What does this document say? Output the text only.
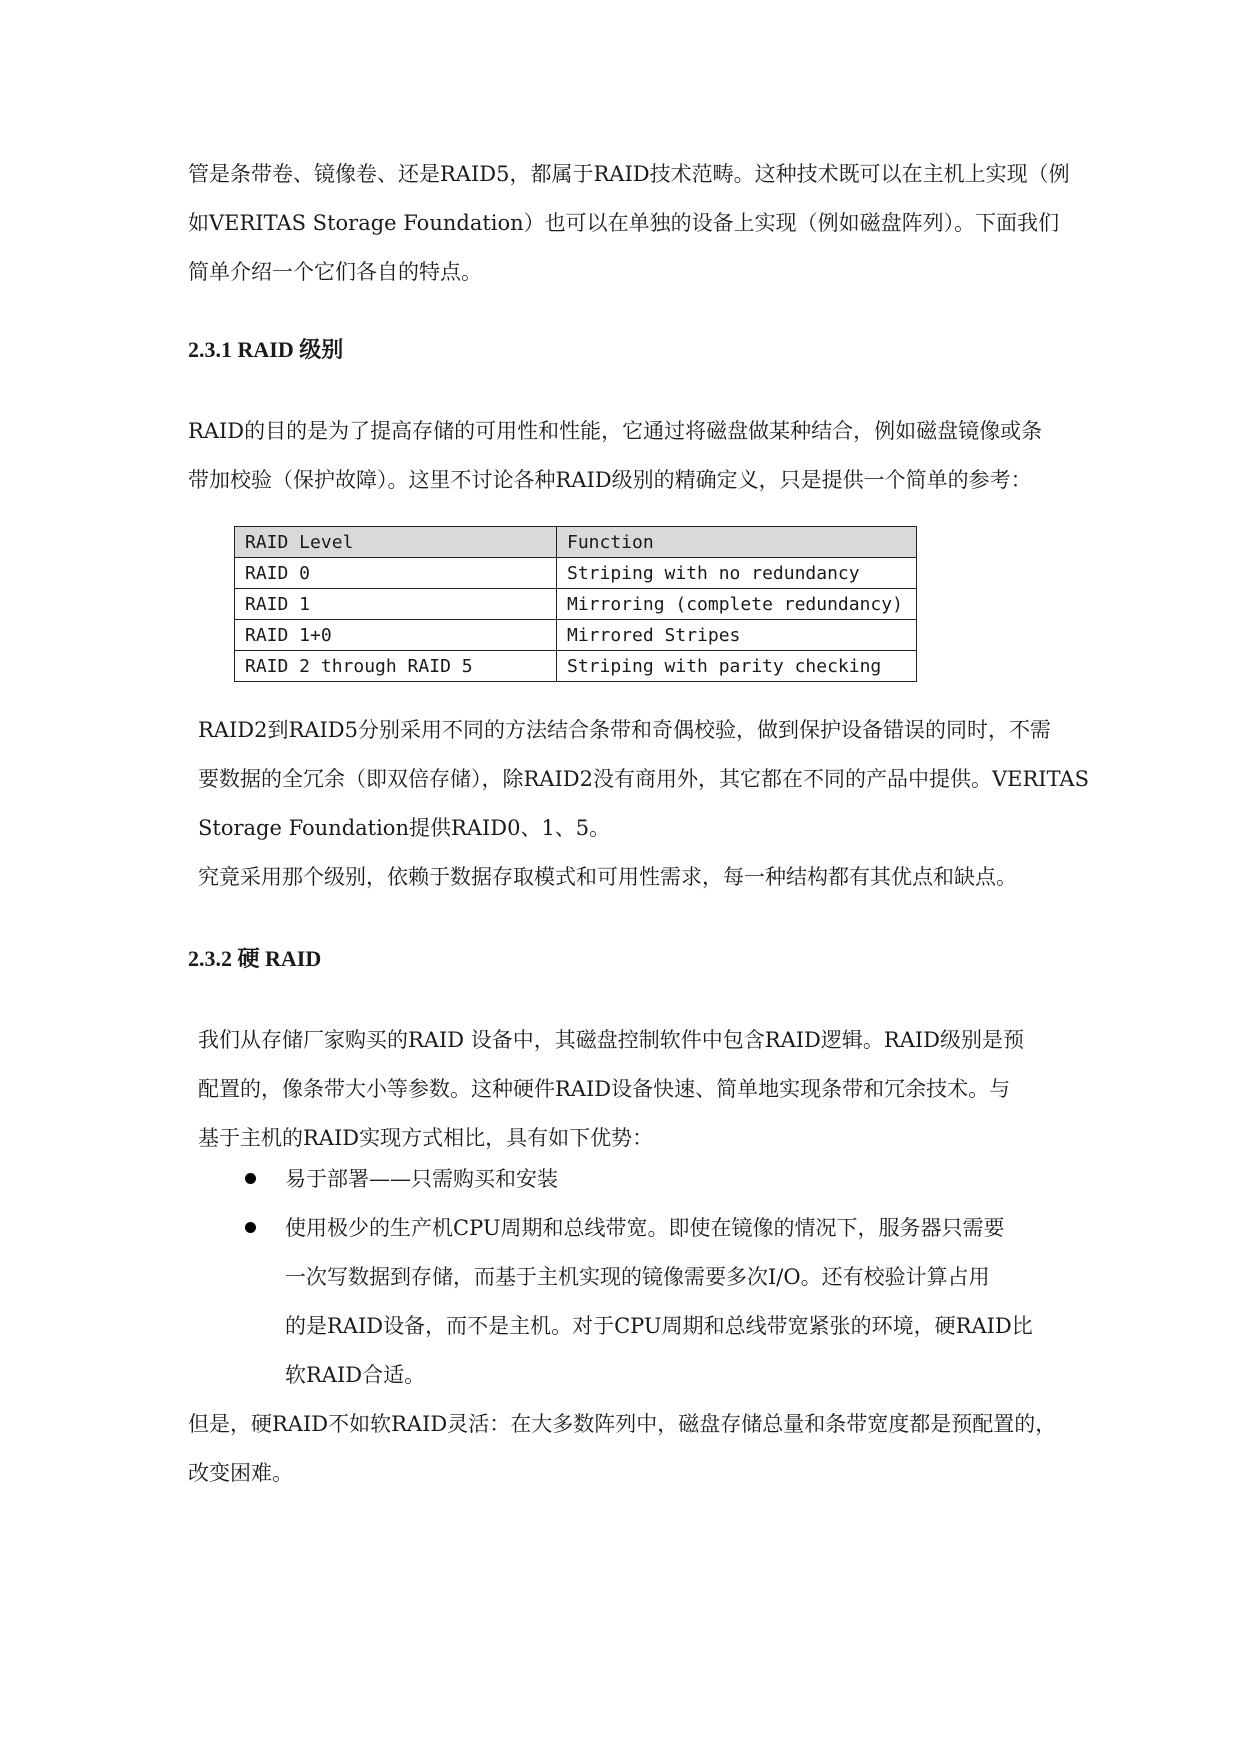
管是条带卷、镜像卷、还是RAID5，都属于RAID技术范畴。这种技术既可以在主机上实现（例
如VERITAS Storage Foundation）也可以在单独的设备上实现（例如磁盘阵列）。下面我们
简单介绍一个它们各自的特点。
2.3.1 RAID 级别
RAID的目的是为了提高存储的可用性和性能，它通过将磁盘做某种结合，例如磁盘镜像或条
带加校验（保护故障）。这里不讨论各种RAID级别的精确定义，只是提供一个简单的参考：
RAID Level	Function
RAID 0	Striping with no redundancy
RAID 1	Mirroring (complete redundancy)
RAID 1+0	Mirrored Stripes
RAID 2 through RAID 5	Striping with parity checking
RAID2到RAID5分别采用不同的方法结合条带和奇偶校验，做到保护设备错误的同时，不需
要数据的全冗余（即双倍存储），除RAID2没有商用外，其它都在不同的产品中提供。VERITAS
Storage Foundation提供RAID0、1、5。
究竟采用那个级别，依赖于数据存取模式和可用性需求，每一种结构都有其优点和缺点。
2.3.2 硬 RAID
我们从存储厂家购买的RAID 设备中，其磁盘控制软件中包含RAID逻辑。RAID级别是预
配置的，像条带大小等参数。这种硬件RAID设备快速、简单地实现条带和冗余技术。与
基于主机的RAID实现方式相比，具有如下优势：
易于部署——只需购买和安装
使用极少的生产机CPU周期和总线带宽。即使在镜像的情况下，服务器只需要
一次写数据到存储，而基于主机实现的镜像需要多次I/O。还有校验计算占用
的是RAID设备，而不是主机。对于CPU周期和总线带宽紧张的环境，硬RAID比
软RAID合适。
但是，硬RAID不如软RAID灵活：在大多数阵列中，磁盘存储总量和条带宽度都是预配置的，
改变困难。
